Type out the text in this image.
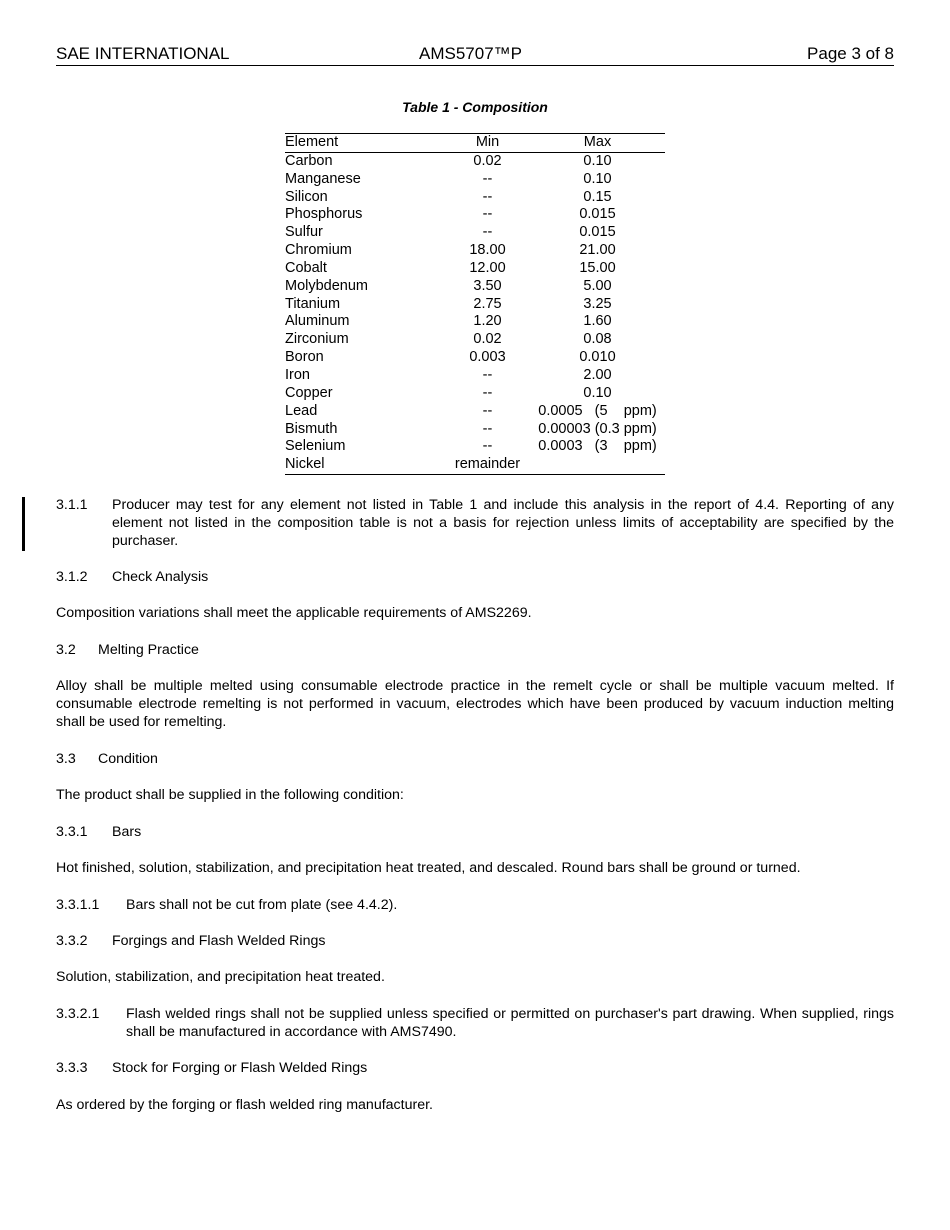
SAE INTERNATIONAL	AMS5707™P	Page 3 of 8
Table 1 - Composition
Element	Min	Max
Carbon	0.02	0.10
Manganese	--	0.10
Silicon	--	0.15
Phosphorus	--	0.015
Sulfur	--	0.015
Chromium	18.00	21.00
Cobalt	12.00	15.00
Molybdenum	3.50	5.00
Titanium	2.75	3.25
Aluminum	1.20	1.60
Zirconium	0.02	0.08
Boron	0.003	0.010
Iron	--	2.00
Copper	--	0.10
Lead	--	0.0005   (5    ppm)
Bismuth	--	0.00003 (0.3 ppm)
Selenium	--	0.0003   (3    ppm)
Nickel	remainder	
3.1.1	Producer may test for any element not listed in Table 1 and include this analysis in the report of 4.4. Reporting of any element not listed in the composition table is not a basis for rejection unless limits of acceptability are specified by the purchaser.
3.1.2 Check Analysis
Composition variations shall meet the applicable requirements of AMS2269.
3.2 Melting Practice
Alloy shall be multiple melted using consumable electrode practice in the remelt cycle or shall be multiple vacuum melted. If consumable electrode remelting is not performed in vacuum, electrodes which have been produced by vacuum induction melting shall be used for remelting.
3.3 Condition
The product shall be supplied in the following condition:
3.3.1 Bars
Hot finished, solution, stabilization, and precipitation heat treated, and descaled. Round bars shall be ground or turned.
3.3.1.1 Bars shall not be cut from plate (see 4.4.2).
3.3.2 Forgings and Flash Welded Rings
Solution, stabilization, and precipitation heat treated.
3.3.2.1	Flash welded rings shall not be supplied unless specified or permitted on purchaser's part drawing. When supplied, rings shall be manufactured in accordance with AMS7490.
3.3.3 Stock for Forging or Flash Welded Rings
As ordered by the forging or flash welded ring manufacturer.
